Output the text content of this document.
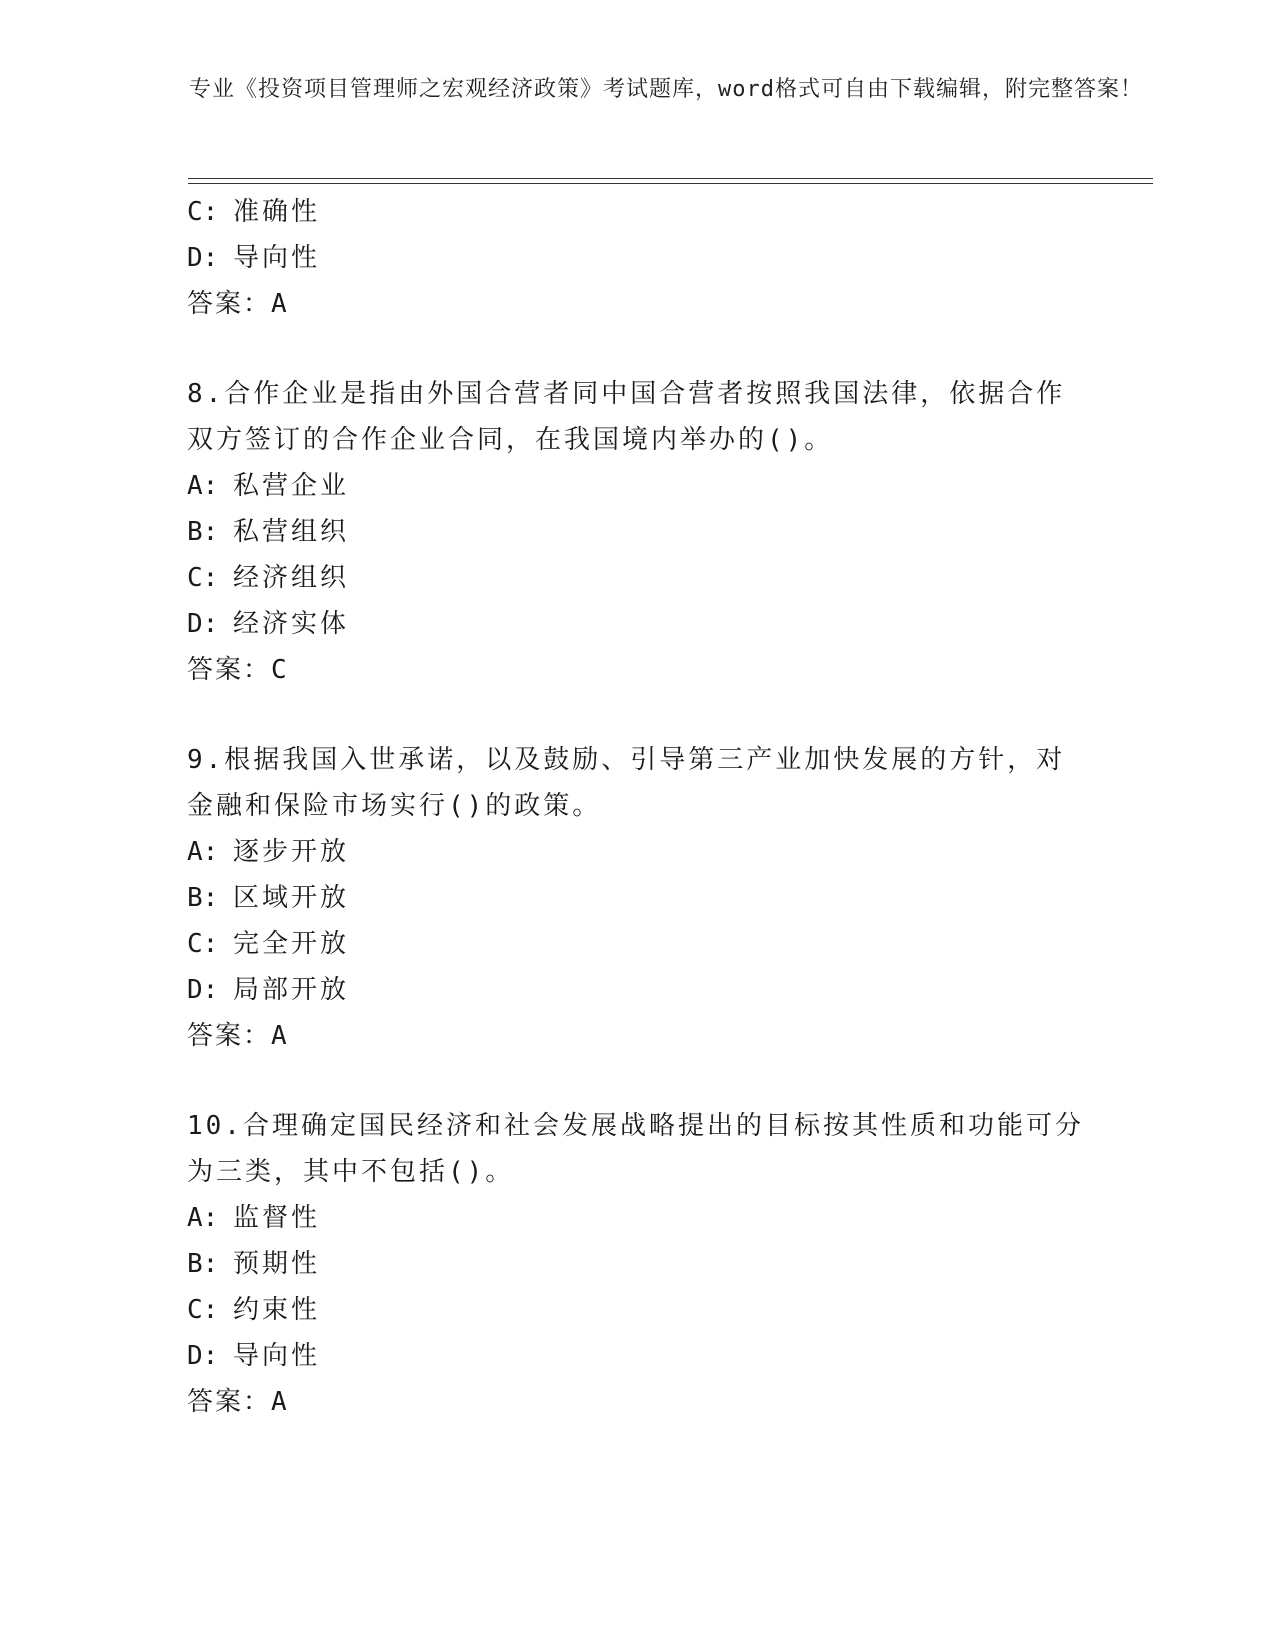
专业《投资项目管理师之宏观经济政策》考试题库，word格式可自由下载编辑，附完整答案！
C: 准确性
D: 导向性
答案：A
8.合作企业是指由外国合营者同中国合营者按照我国法律，依据合作
双方签订的合作企业合同，在我国境内举办的()。
A: 私营企业
B: 私营组织
C: 经济组织
D: 经济实体
答案：C
9.根据我国入世承诺，以及鼓励、引导第三产业加快发展的方针，对
金融和保险市场实行()的政策。
A: 逐步开放
B: 区域开放
C: 完全开放
D: 局部开放
答案：A
10.合理确定国民经济和社会发展战略提出的目标按其性质和功能可分
为三类，其中不包括()。
A: 监督性
B: 预期性
C: 约束性
D: 导向性
答案：A
